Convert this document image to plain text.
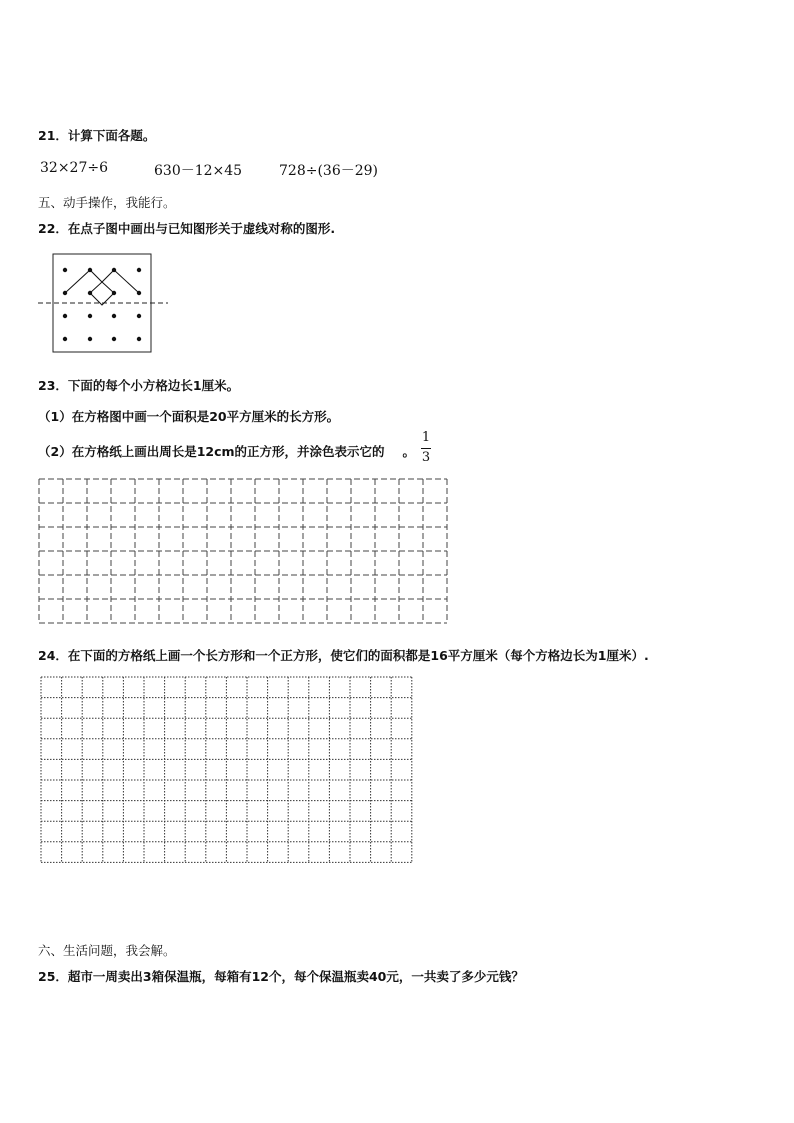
21．计算下面各题。
32×27÷6	630－12×45	728÷(36－29)
五、动手操作，我能行。
22．在点子图中画出与已知图形关于虚线对称的图形.
23．下面的每个小方格边长1厘米。
（1）在方格图中画一个面积是20平方厘米的长方形。
（2）在方格纸上画出周长是12cm的正方形，并涂色表示它的 。
1
3
24．在下面的方格纸上画一个长方形和一个正方形，使它们的面积都是16平方厘米（每个方格边长为1厘米）.
六、生活问题，我会解。
25．超市一周卖出3箱保温瓶，每箱有12个，每个保温瓶卖40元，一共卖了多少元钱？
